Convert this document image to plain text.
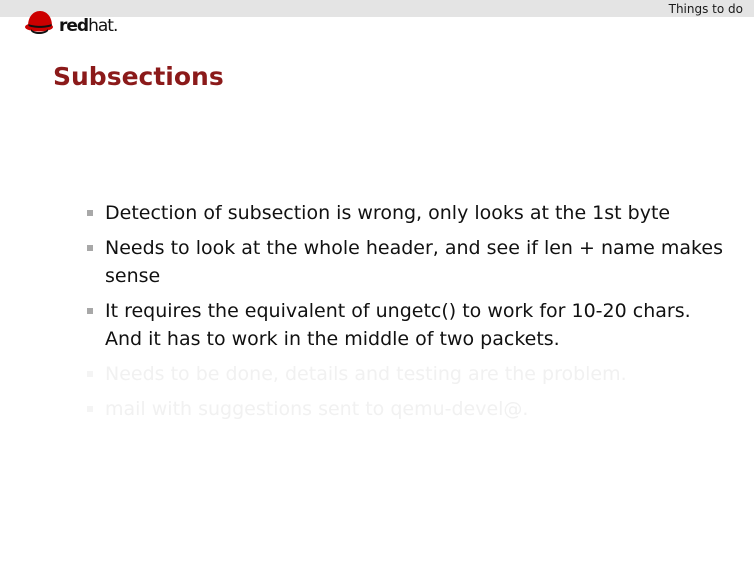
Things to do
redhat.
Subsections
Detection of subsection is wrong, only looks at the 1st byte
Needs to look at the whole header, and see if len + name makes sense
It requires the equivalent of ungetc() to work for 10-20 chars. And it has to work in the middle of two packets.
Needs to be done, details and testing are the problem.
mail with suggestions sent to qemu-devel@.
